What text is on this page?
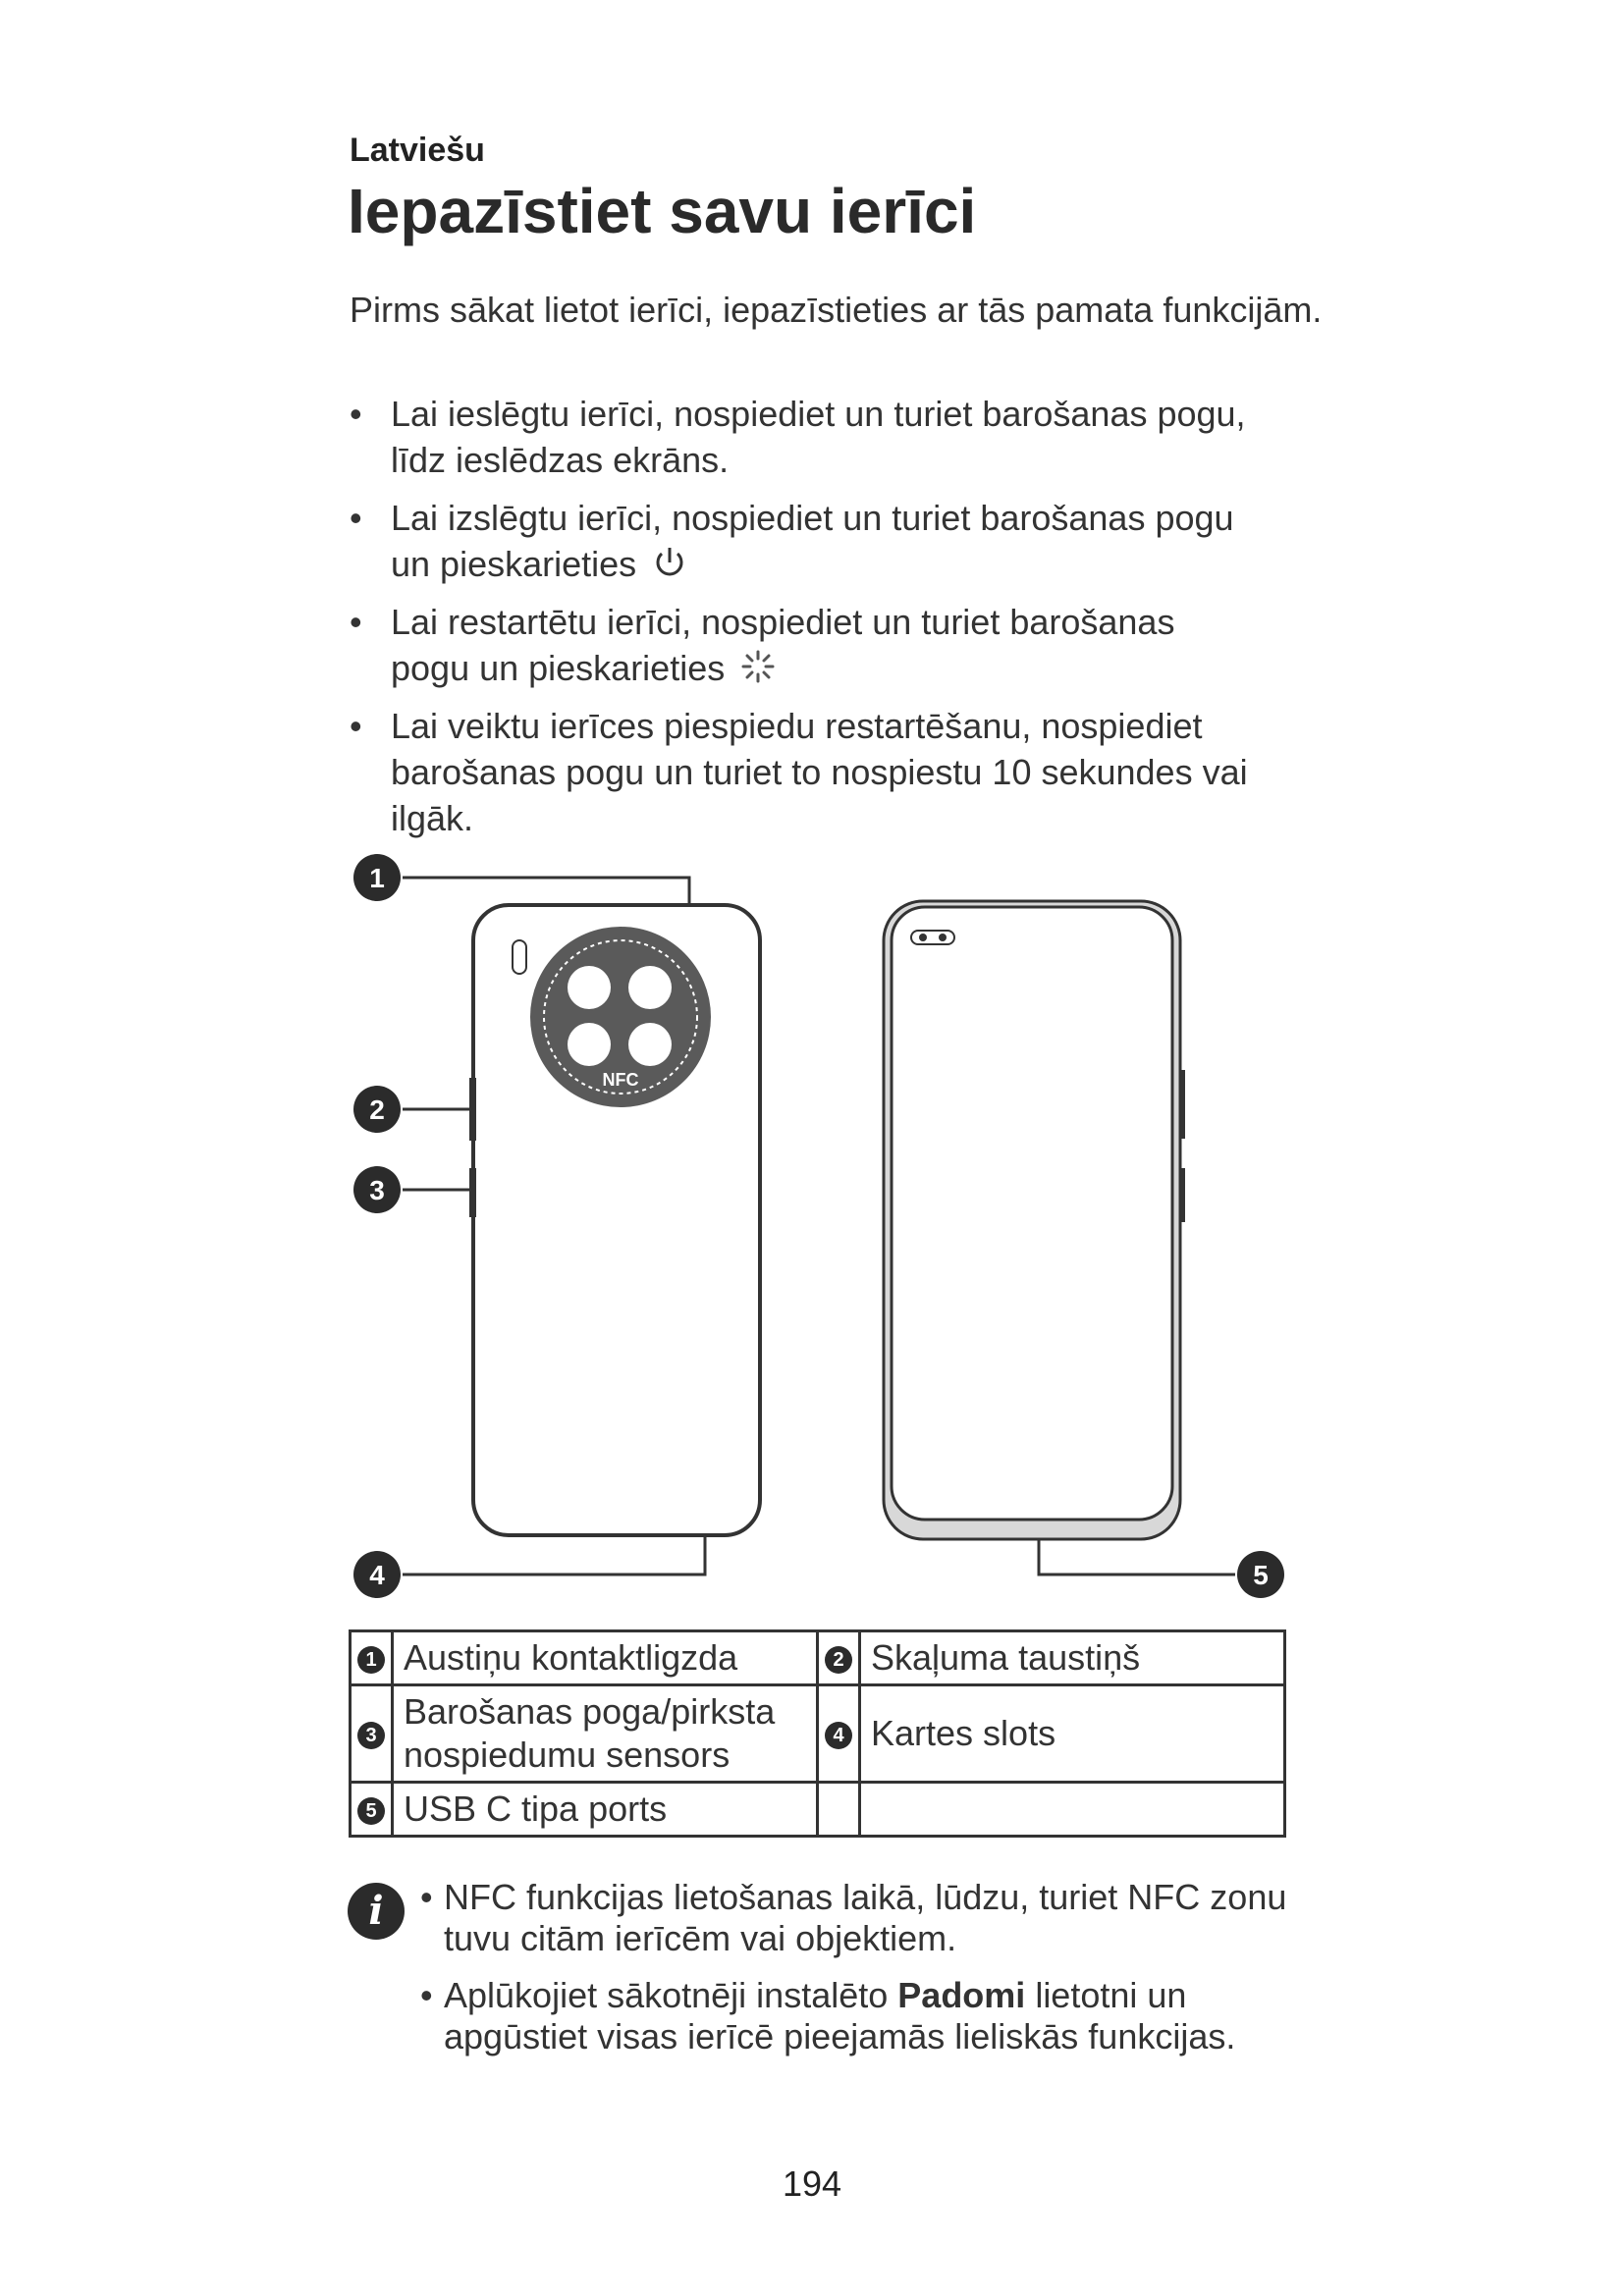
Latviešu
Iepazīstiet savu ierīci
Pirms sākat lietot ierīci, iepazīstieties ar tās pamata funkcijām.
• Lai ieslēgtu ierīci, nospiediet un turiet barošanas pogu,
līdz ieslēdzas ekrāns.
• Lai izslēgtu ierīci, nospiediet un turiet barošanas pogu
un pieskarieties
• Lai restartētu ierīci, nospiediet un turiet barošanas
pogu un pieskarieties
• Lai veiktu ierīces piespiedu restartēšanu, nospiediet
barošanas pogu un turiet to nospiestu 10 sekundes vai ilgāk.
1
2
3
4	5
NFC
1	Austiņu kontaktligzda	2	Skaļuma taustiņš
3	Barošanas poga/pirksta nospiedumu sensors	4	Kartes slots
5	USB C tipa ports		
i	• NFC funkcijas lietošanas laikā, lūdzu, turiet NFC zonu tuvu citām ierīcēm vai objektiem.
• Aplūkojiet sākotnēji instalēto Padomi lietotni un apgūstiet visas ierīcē pieejamās lieliskās funkcijas.
194
